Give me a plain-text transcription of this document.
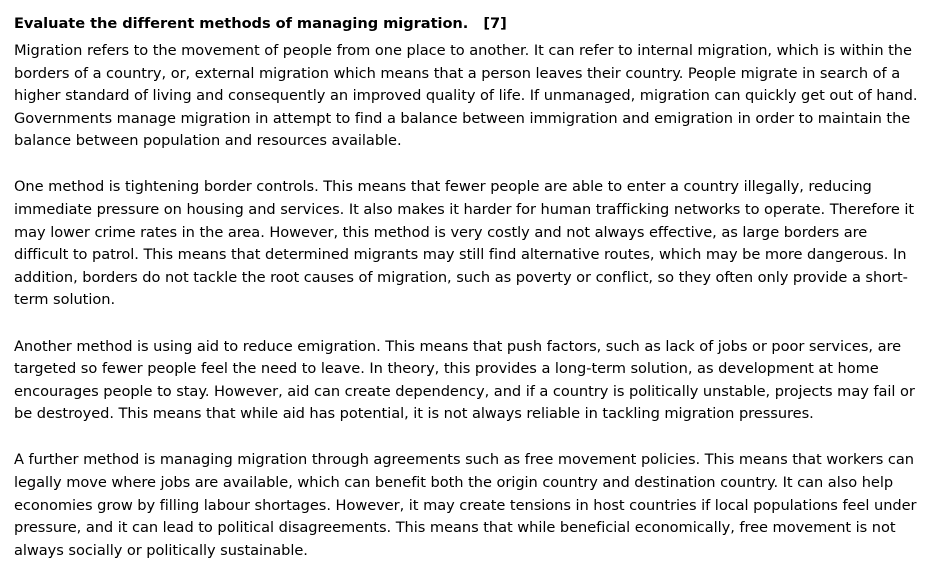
Evaluate the different methods of managing migration.   [7]

Migration refers to the movement of people from one place to another. It can refer to internal migration, which is within the borders of a country, or, external migration which means that a person leaves their country. People migrate in search of a higher standard of living and consequently an improved quality of life. If unmanaged, migration can quickly get out of hand. Governments manage migration in attempt to find a balance between immigration and emigration in order to maintain the balance between population and resources available.

One method is tightening border controls. This means that fewer people are able to enter a country illegally, reducing immediate pressure on housing and services. It also makes it harder for human trafficking networks to operate. Therefore it may lower crime rates in the area. However, this method is very costly and not always effective, as large borders are difficult to patrol. This means that determined migrants may still find alternative routes, which may be more dangerous. In addition, borders do not tackle the root causes of migration, such as poverty or conflict, so they often only provide a short-term solution.

Another method is using aid to reduce emigration. This means that push factors, such as lack of jobs or poor services, are targeted so fewer people feel the need to leave. In theory, this provides a long-term solution, as development at home encourages people to stay. However, aid can create dependency, and if a country is politically unstable, projects may fail or be destroyed. This means that while aid has potential, it is not always reliable in tackling migration pressures.

A further method is managing migration through agreements such as free movement policies. This means that workers can legally move where jobs are available, which can benefit both the origin country and destination country. It can also help economies grow by filling labour shortages. However, it may create tensions in host countries if local populations feel under pressure, and it can lead to political disagreements. This means that while beneficial economically, free movement is not always socially or politically sustainable.
